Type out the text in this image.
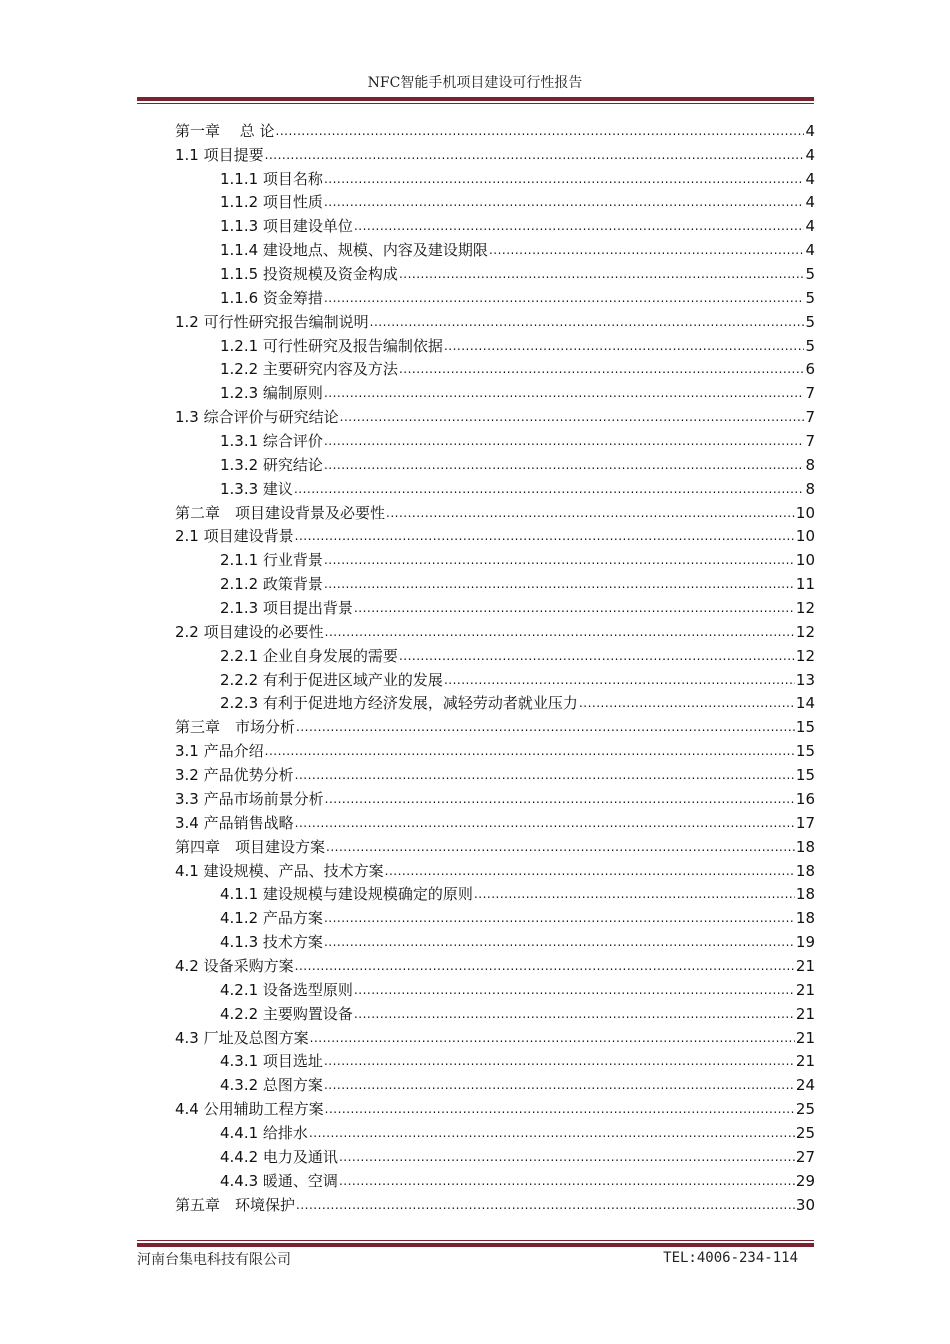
NFC智能手机项目建设可行性报告
第一章　 总 论 .....	4
1.1 项目提要 .....	4
1.1.1 项目名称 .....	4
1.1.2 项目性质 .....	4
1.1.3 项目建设单位 .....	4
1.1.4 建设地点、规模、内容及建设期限 .....	4
1.1.5 投资规模及资金构成 .....	5
1.1.6 资金筹措 .....	5
1.2 可行性研究报告编制说明 .....	5
1.2.1 可行性研究及报告编制依据 .....	5
1.2.2 主要研究内容及方法 .....	6
1.2.3 编制原则 .....	7
1.3 综合评价与研究结论 .....	7
1.3.1 综合评价 .....	7
1.3.2 研究结论 .....	8
1.3.3 建议 .....	8
第二章　项目建设背景及必要性 .....	10
2.1 项目建设背景 .....	10
2.1.1 行业背景 .....	10
2.1.2 政策背景 .....	11
2.1.3 项目提出背景 .....	12
2.2 项目建设的必要性 .....	12
2.2.1 企业自身发展的需要 .....	12
2.2.2 有利于促进区域产业的发展 .....	13
2.2.3 有利于促进地方经济发展，减轻劳动者就业压力 .....	14
第三章　市场分析 .....	15
3.1 产品介绍 .....	15
3.2 产品优势分析 .....	15
3.3 产品市场前景分析 .....	16
3.4 产品销售战略 .....	17
第四章　项目建设方案 .....	18
4.1 建设规模、产品、技术方案 .....	18
4.1.1 建设规模与建设规模确定的原则 .....	18
4.1.2 产品方案 .....	18
4.1.3 技术方案 .....	19
4.2 设备采购方案 .....	21
4.2.1 设备选型原则 .....	21
4.2.2 主要购置设备 .....	21
4.3 厂址及总图方案 .....	21
4.3.1 项目选址 .....	21
4.3.2 总图方案 .....	24
4.4 公用辅助工程方案 .....	25
4.4.1 给排水 .....	25
4.4.2 电力及通讯 .....	27
4.4.3 暖通、空调 .....	29
第五章　环境保护 .....	30
河南台集电科技有限公司	TEL:4006-234-114
